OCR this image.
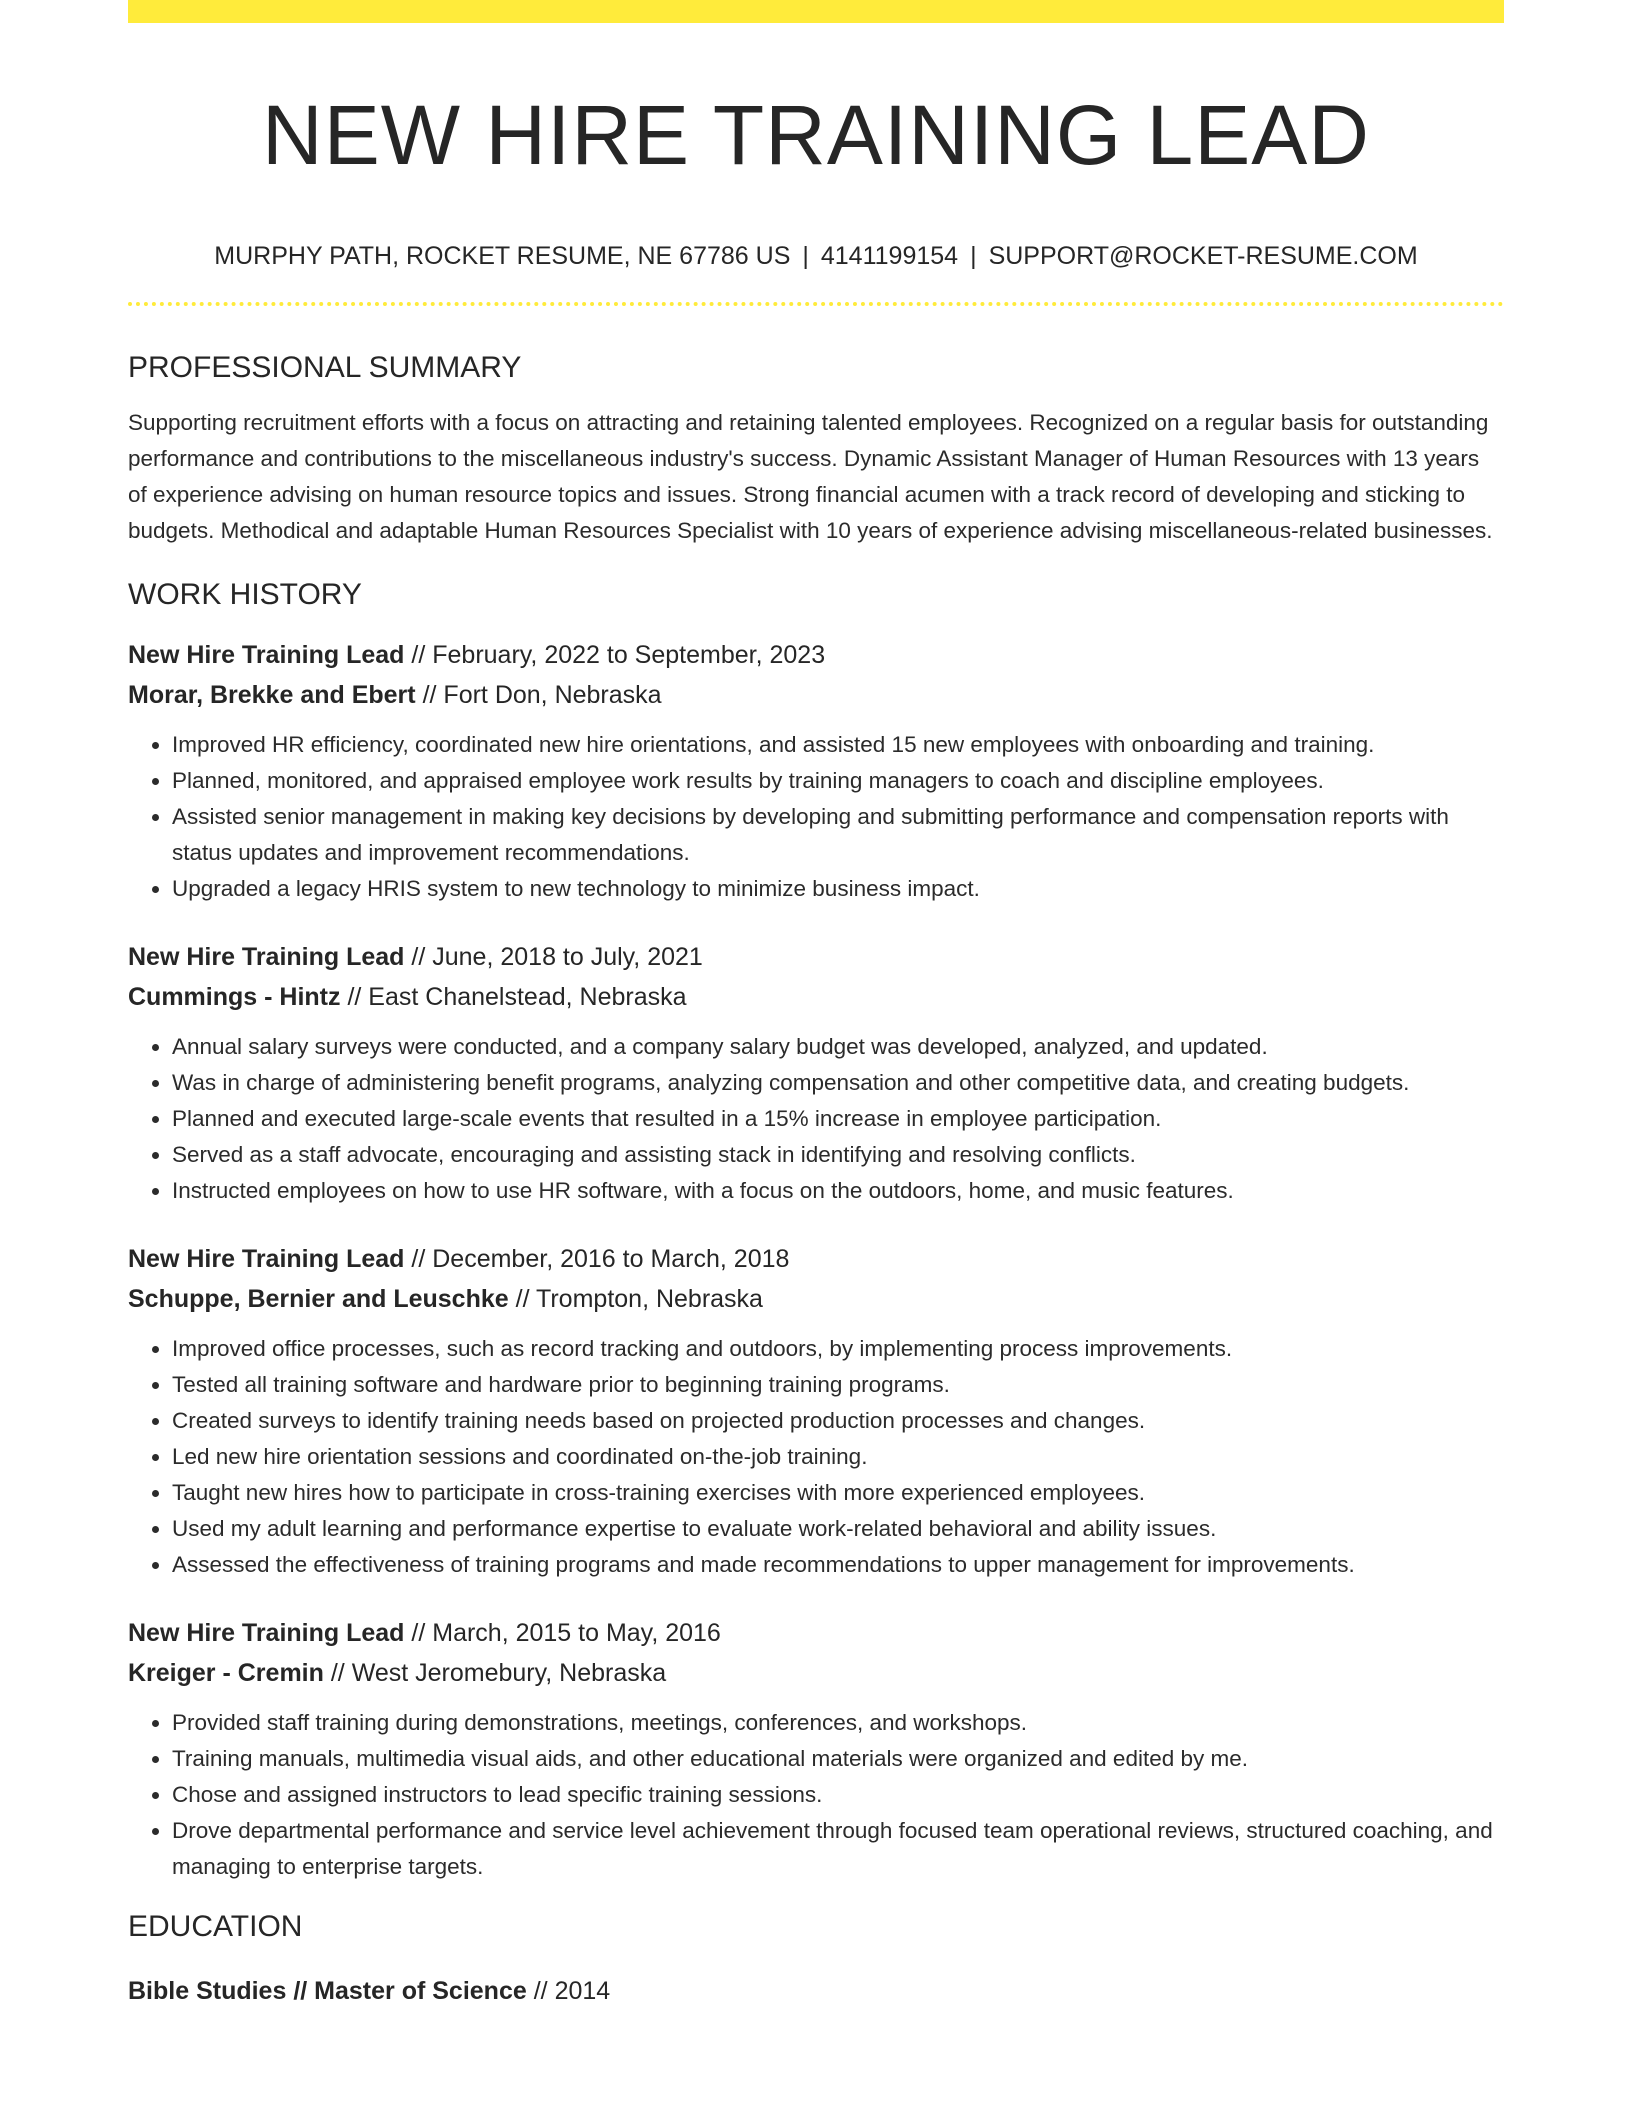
NEW HIRE TRAINING LEAD
MURPHY PATH, ROCKET RESUME, NE 67786 US | 4141199154 | SUPPORT@ROCKET-RESUME.COM
PROFESSIONAL SUMMARY
Supporting recruitment efforts with a focus on attracting and retaining talented employees. Recognized on a regular basis for outstanding performance and contributions to the miscellaneous industry's success. Dynamic Assistant Manager of Human Resources with 13 years of experience advising on human resource topics and issues. Strong financial acumen with a track record of developing and sticking to budgets. Methodical and adaptable Human Resources Specialist with 10 years of experience advising miscellaneous-related businesses.
WORK HISTORY
New Hire Training Lead // February, 2022 to September, 2023
Morar, Brekke and Ebert // Fort Don, Nebraska
• Improved HR efficiency, coordinated new hire orientations, and assisted 15 new employees with onboarding and training.
• Planned, monitored, and appraised employee work results by training managers to coach and discipline employees.
• Assisted senior management in making key decisions by developing and submitting performance and compensation reports with status updates and improvement recommendations.
• Upgraded a legacy HRIS system to new technology to minimize business impact.
New Hire Training Lead // June, 2018 to July, 2021
Cummings - Hintz // East Chanelstead, Nebraska
• Annual salary surveys were conducted, and a company salary budget was developed, analyzed, and updated.
• Was in charge of administering benefit programs, analyzing compensation and other competitive data, and creating budgets.
• Planned and executed large-scale events that resulted in a 15% increase in employee participation.
• Served as a staff advocate, encouraging and assisting stack in identifying and resolving conflicts.
• Instructed employees on how to use HR software, with a focus on the outdoors, home, and music features.
New Hire Training Lead // December, 2016 to March, 2018
Schuppe, Bernier and Leuschke // Trompton, Nebraska
• Improved office processes, such as record tracking and outdoors, by implementing process improvements.
• Tested all training software and hardware prior to beginning training programs.
• Created surveys to identify training needs based on projected production processes and changes.
• Led new hire orientation sessions and coordinated on-the-job training.
• Taught new hires how to participate in cross-training exercises with more experienced employees.
• Used my adult learning and performance expertise to evaluate work-related behavioral and ability issues.
• Assessed the effectiveness of training programs and made recommendations to upper management for improvements.
New Hire Training Lead // March, 2015 to May, 2016
Kreiger - Cremin // West Jeromebury, Nebraska
• Provided staff training during demonstrations, meetings, conferences, and workshops.
• Training manuals, multimedia visual aids, and other educational materials were organized and edited by me.
• Chose and assigned instructors to lead specific training sessions.
• Drove departmental performance and service level achievement through focused team operational reviews, structured coaching, and managing to enterprise targets.
EDUCATION
Bible Studies // Master of Science // 2014
